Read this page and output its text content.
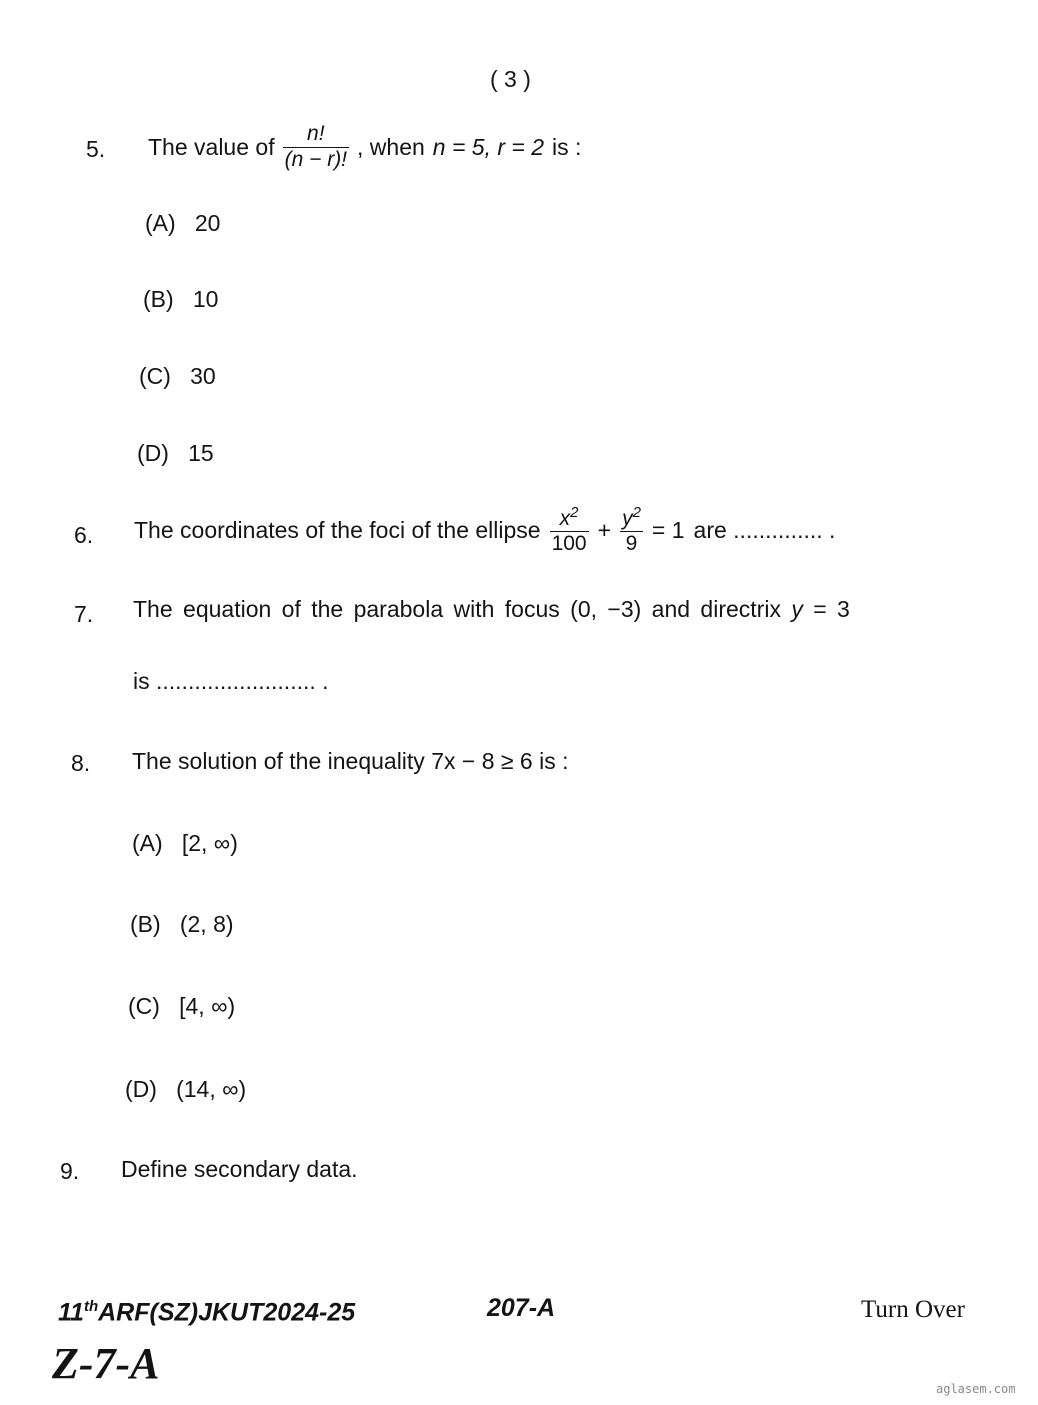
( 3 )
5. The value of $\frac{n!}{(n - r)!}$ , when n = 5, r = 2 is :
(A) 20
(B) 10
(C) 30
(D) 15
6. The coordinates of the foci of the ellipse $\frac{x^2}{100} + \frac{y^2}{9} = 1$ are .............. .
7. The equation of the parabola with focus (0, −3) and directrix y = 3
is ......................... .
8. The solution of the inequality 7x − 8 ≥ 6 is :
(A) [2, ∞)
(B) (2, 8)
(C) [4, ∞)
(D) (14, ∞)
9. Define secondary data.
11thARF(SZ)JKUT2024-25	207-A	Turn Over
Z-7-A
aglasem.com
